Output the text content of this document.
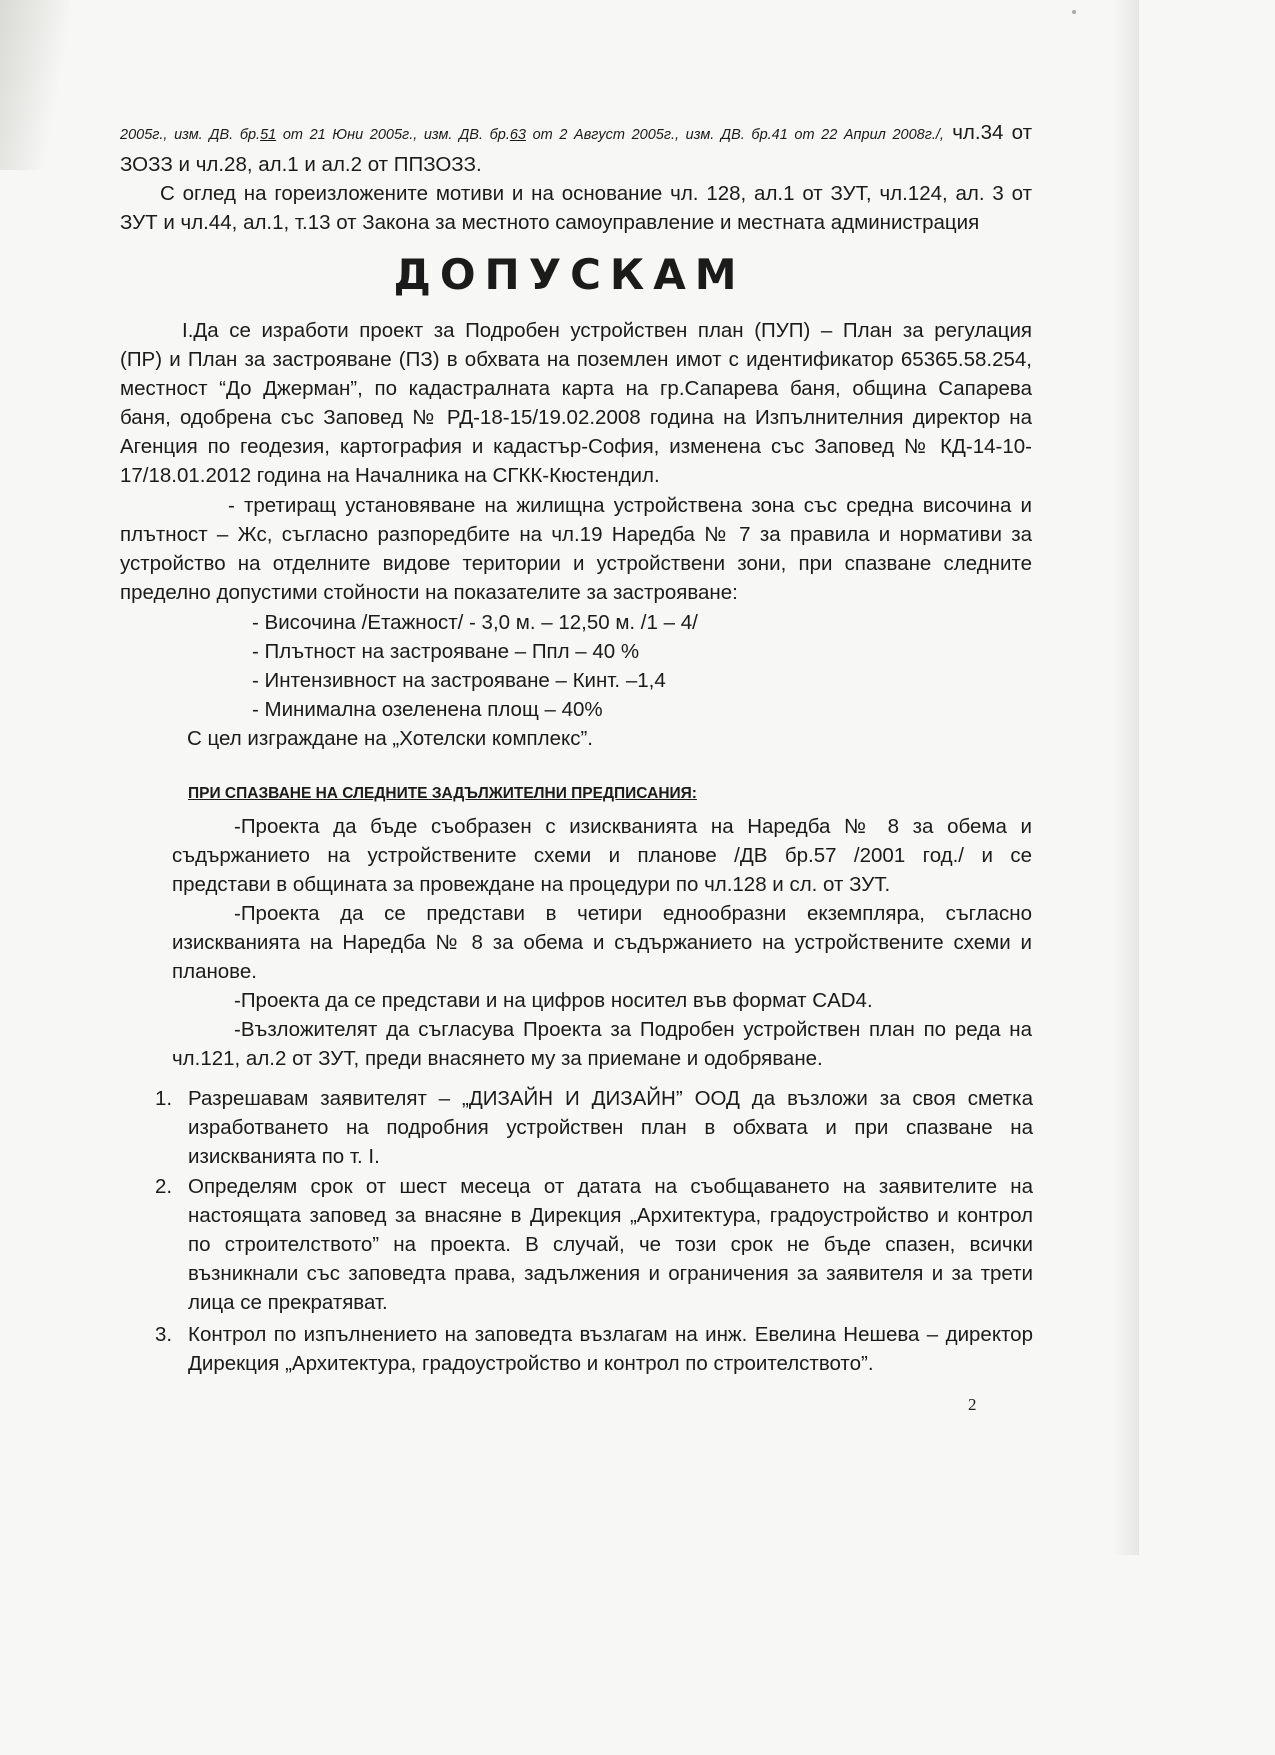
2005г., изм. ДВ. бр.51 от 21 Юни 2005г., изм. ДВ. бр.63 от 2 Август 2005г., изм. ДВ. бр.41 от 22 Април 2008г./, чл.34 от
ЗОЗЗ и чл.28, ал.1 и ал.2 от ППЗОЗЗ.
С оглед на гореизложените мотиви и на основание чл. 128, ал.1 от ЗУТ, чл.124, ал. 3 от
ЗУТ и чл.44, ал.1, т.13 от Закона за местното самоуправление и местната администрация
ДОПУСКАМ
I.Да се изработи проект за Подробен устройствен план (ПУП) – План за регулация
(ПР) и План за застрояване (ПЗ) в обхвата на поземлен имот с идентификатор 65365.58.254,
местност “До Джерман”, по кадастралната карта на гр.Сапарева баня, община Сапарева
баня, одобрена със Заповед № РД-18-15/19.02.2008 година на Изпълнителния директор на
Агенция по геодезия, картография и кадастър-София, изменена със Заповед № КД-14-10-
17/18.01.2012 година на Началника на СГКК-Кюстендил.
- третиращ установяване на жилищна устройствена зона със средна височина и
плътност – Жс, съгласно разпоредбите на чл.19 Наредба № 7 за правила и нормативи за
устройство на отделните видове територии и устройствени зони, при спазване следните
пределно допустими стойности на показателите за застрояване:
- Височина /Етажност/ - 3,0 м. – 12,50 м. /1 – 4/
- Плътност на застрояване – Ппл – 40 %
- Интензивност на застрояване – Кинт. –1,4
- Минимална озеленена площ – 40%
С цел изграждане на „Хотелски комплекс”.
ПРИ СПАЗВАНЕ НА СЛЕДНИТЕ ЗАДЪЛЖИТЕЛНИ ПРЕДПИСАНИЯ:
-Проекта да бъде съобразен с изискванията на Наредба № 8 за обема и
съдържанието на устройствените схеми и планове /ДВ бр.57 /2001 год./ и се
представи в общината за провеждане на процедури по чл.128 и сл. от ЗУТ.
-Проекта да се представи в четири еднообразни екземпляра, съгласно
изискванията на Наредба № 8 за обема и съдържанието на устройствените схеми и
планове.
-Проекта да се представи и на цифров носител във формат CAD4.
-Възложителят да съгласува Проекта за Подробен устройствен план по реда на
чл.121, ал.2 от ЗУТ, преди внасянето му за приемане и одобряване.
1. Разрешавам заявителят – „ДИЗАЙН И ДИЗАЙН” ООД да възложи за своя сметка
изработването на подробния устройствен план в обхвата и при спазване на
изискванията по т. I.
2. Определям срок от шест месеца от датата на съобщаването на заявителите на
настоящата заповед за внасяне в Дирекция „Архитектура, градоустройство и контрол
по строителството” на проекта. В случай, че този срок не бъде спазен, всички
възникнали със заповедта права, задължения и ограничения за заявителя и за трети
лица се прекратяват.
3. Контрол по изпълнението на заповедта възлагам на инж. Евелина Нешева – директор
Дирекция „Архитектура, градоустройство и контрол по строителството”.
2
